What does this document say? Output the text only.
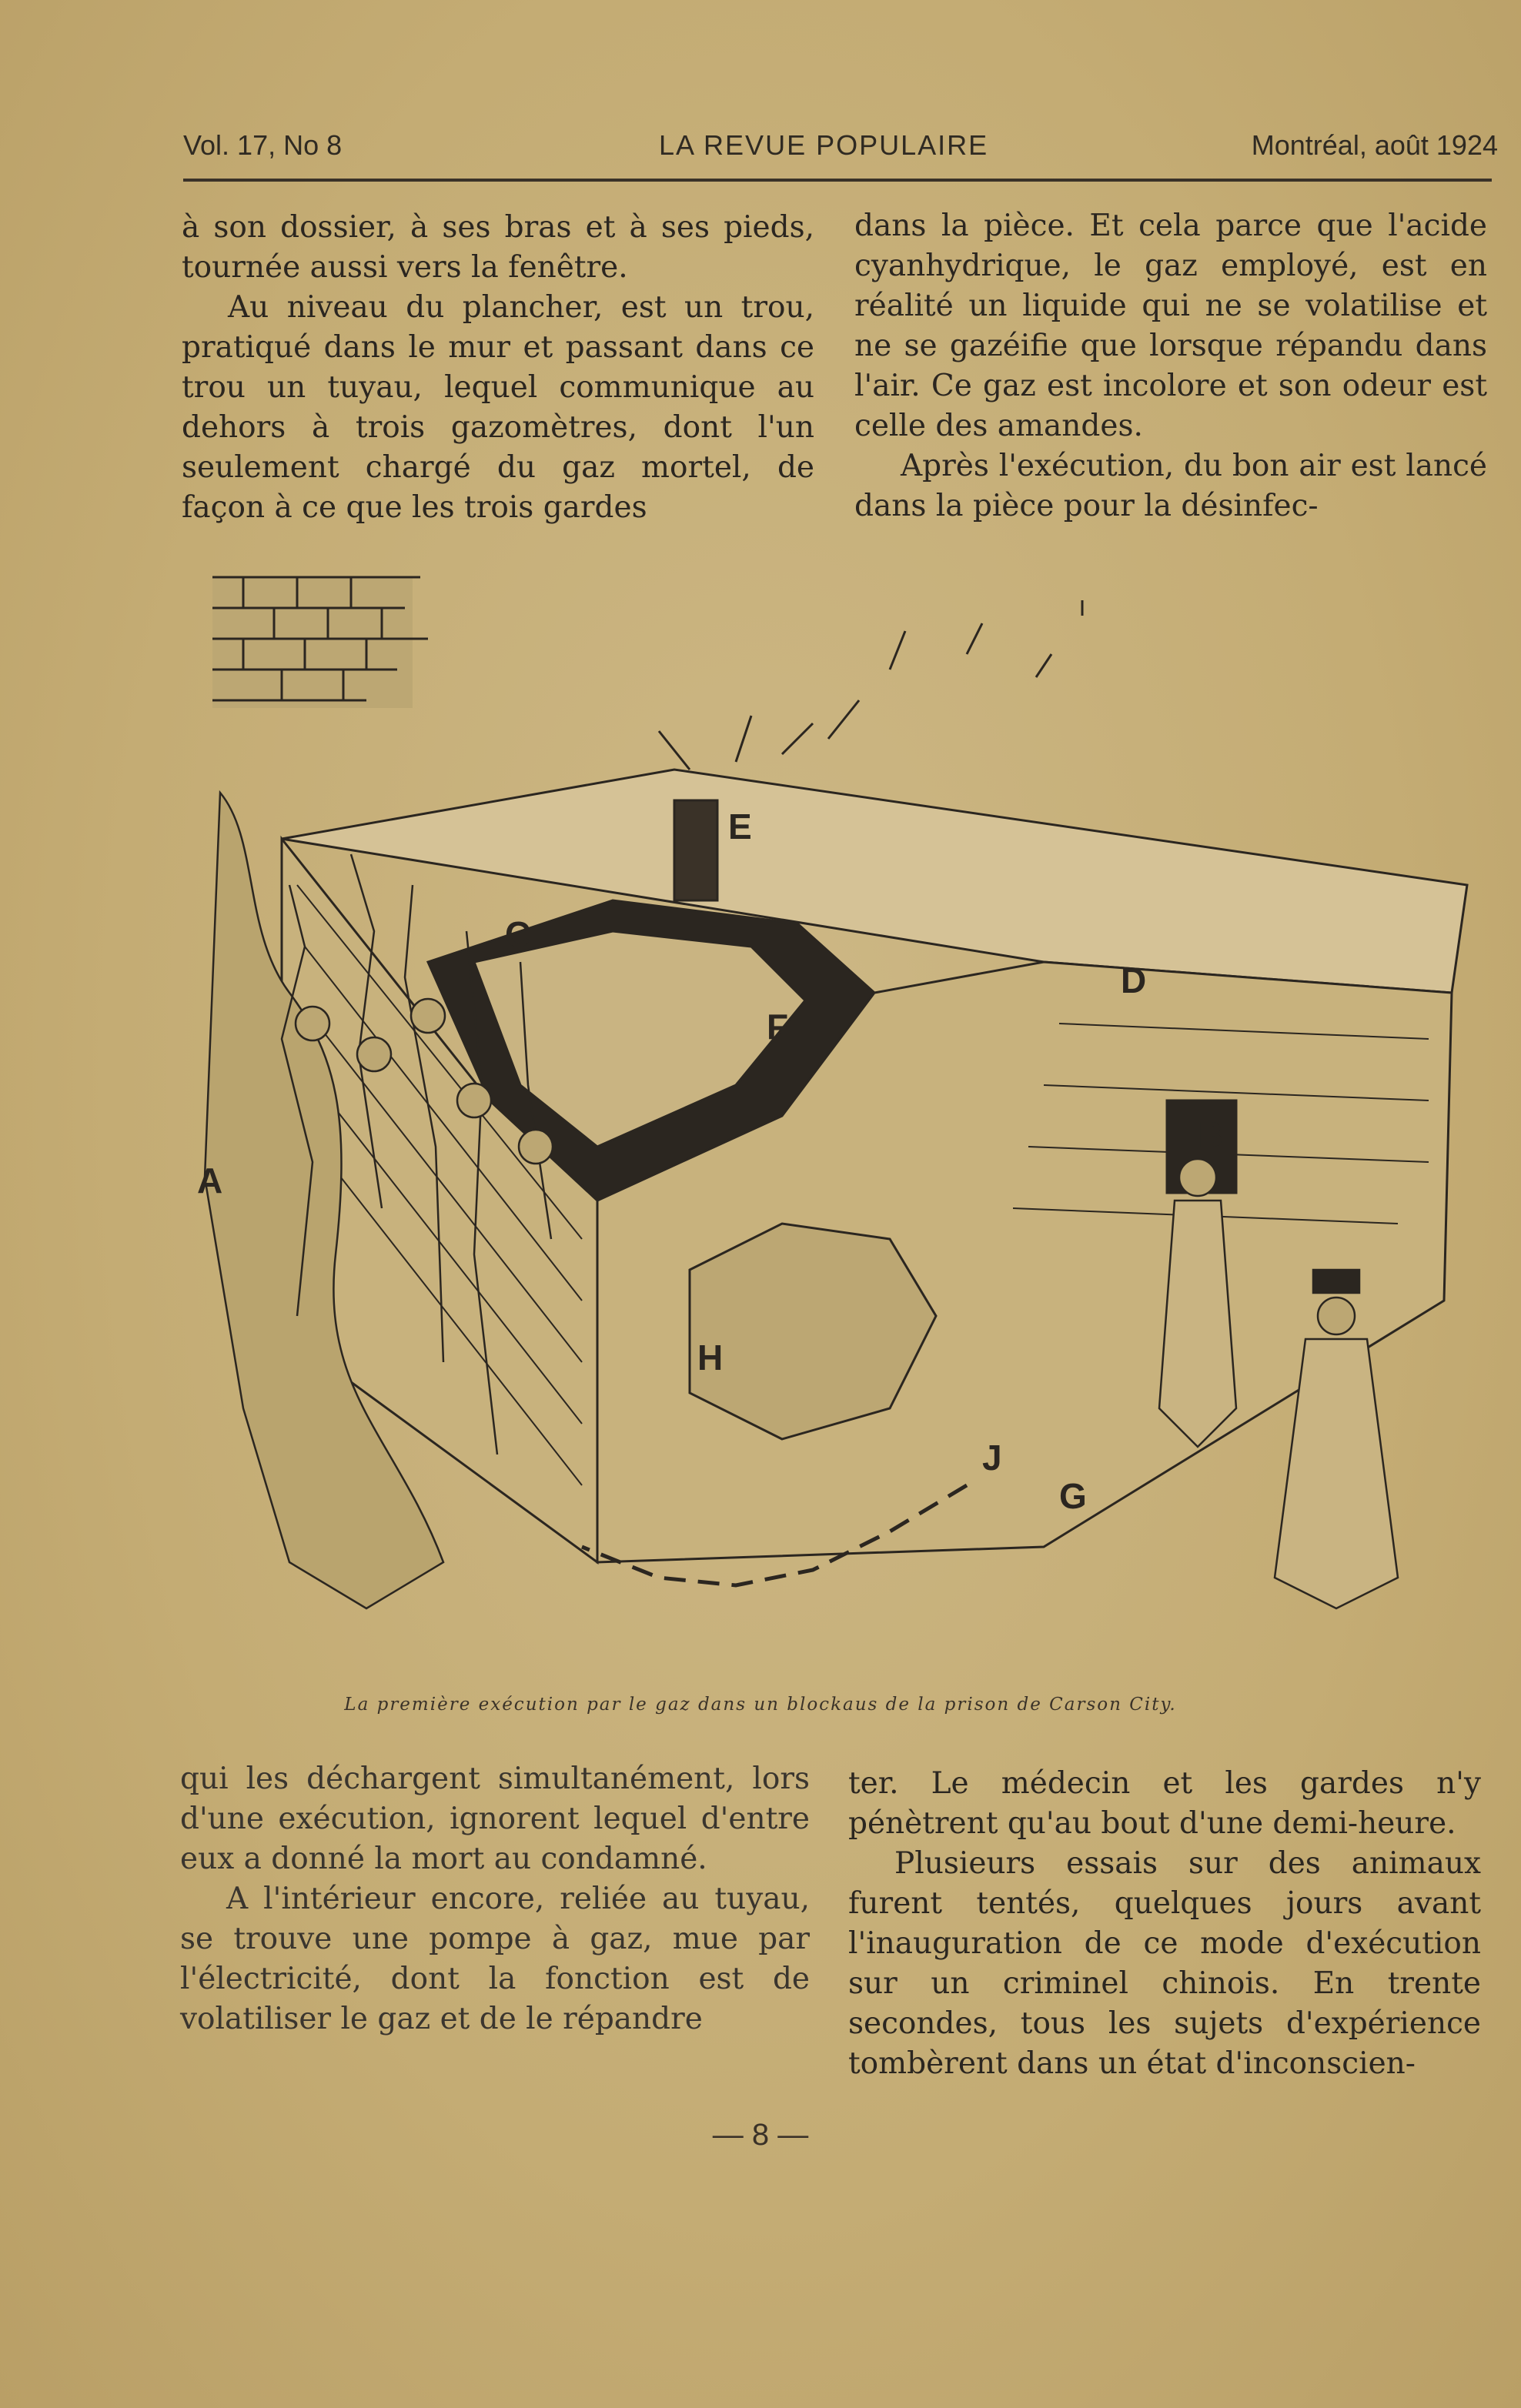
Vol. 17, No 8	LA REVUE POPULAIRE	Montréal, août 1924

à son dossier, à ses bras et à ses pieds, tournée aussi vers la fenêtre.

Au niveau du plancher, est un trou, pratiqué dans le mur et passant dans ce trou un tuyau, lequel communique au dehors à trois gazomètres, dont l'un seulement chargé du gaz mortel, de façon à ce que les trois gardes

dans la pièce. Et cela parce que l'acide cyanhydrique, le gaz employé, est en réalité un liquide qui ne se volatilise et ne se gazéifie que lorsque répandu dans l'air. Ce gaz est incolore et son odeur est celle des amandes.

Après l'exécution, du bon air est lancé dans la pièce pour la désinfec-

A
B
C
D
E
F
G
H
J
La première exécution par le gaz dans un blockaus de la prison de Carson City.

qui les déchargent simultanément, lors d'une exécution, ignorent lequel d'entre eux a donné la mort au condamné.

A l'intérieur encore, reliée au tuyau, se trouve une pompe à gaz, mue par l'électricité, dont la fonction est de volatiliser le gaz et de le répandre

ter. Le médecin et les gardes n'y pénètrent qu'au bout d'une demi-heure.

Plusieurs essais sur des animaux furent tentés, quelques jours avant l'inauguration de ce mode d'exécution sur un criminel chinois. En trente secondes, tous les sujets d'expérience tombèrent dans un état d'inconscien-

— 8 —
